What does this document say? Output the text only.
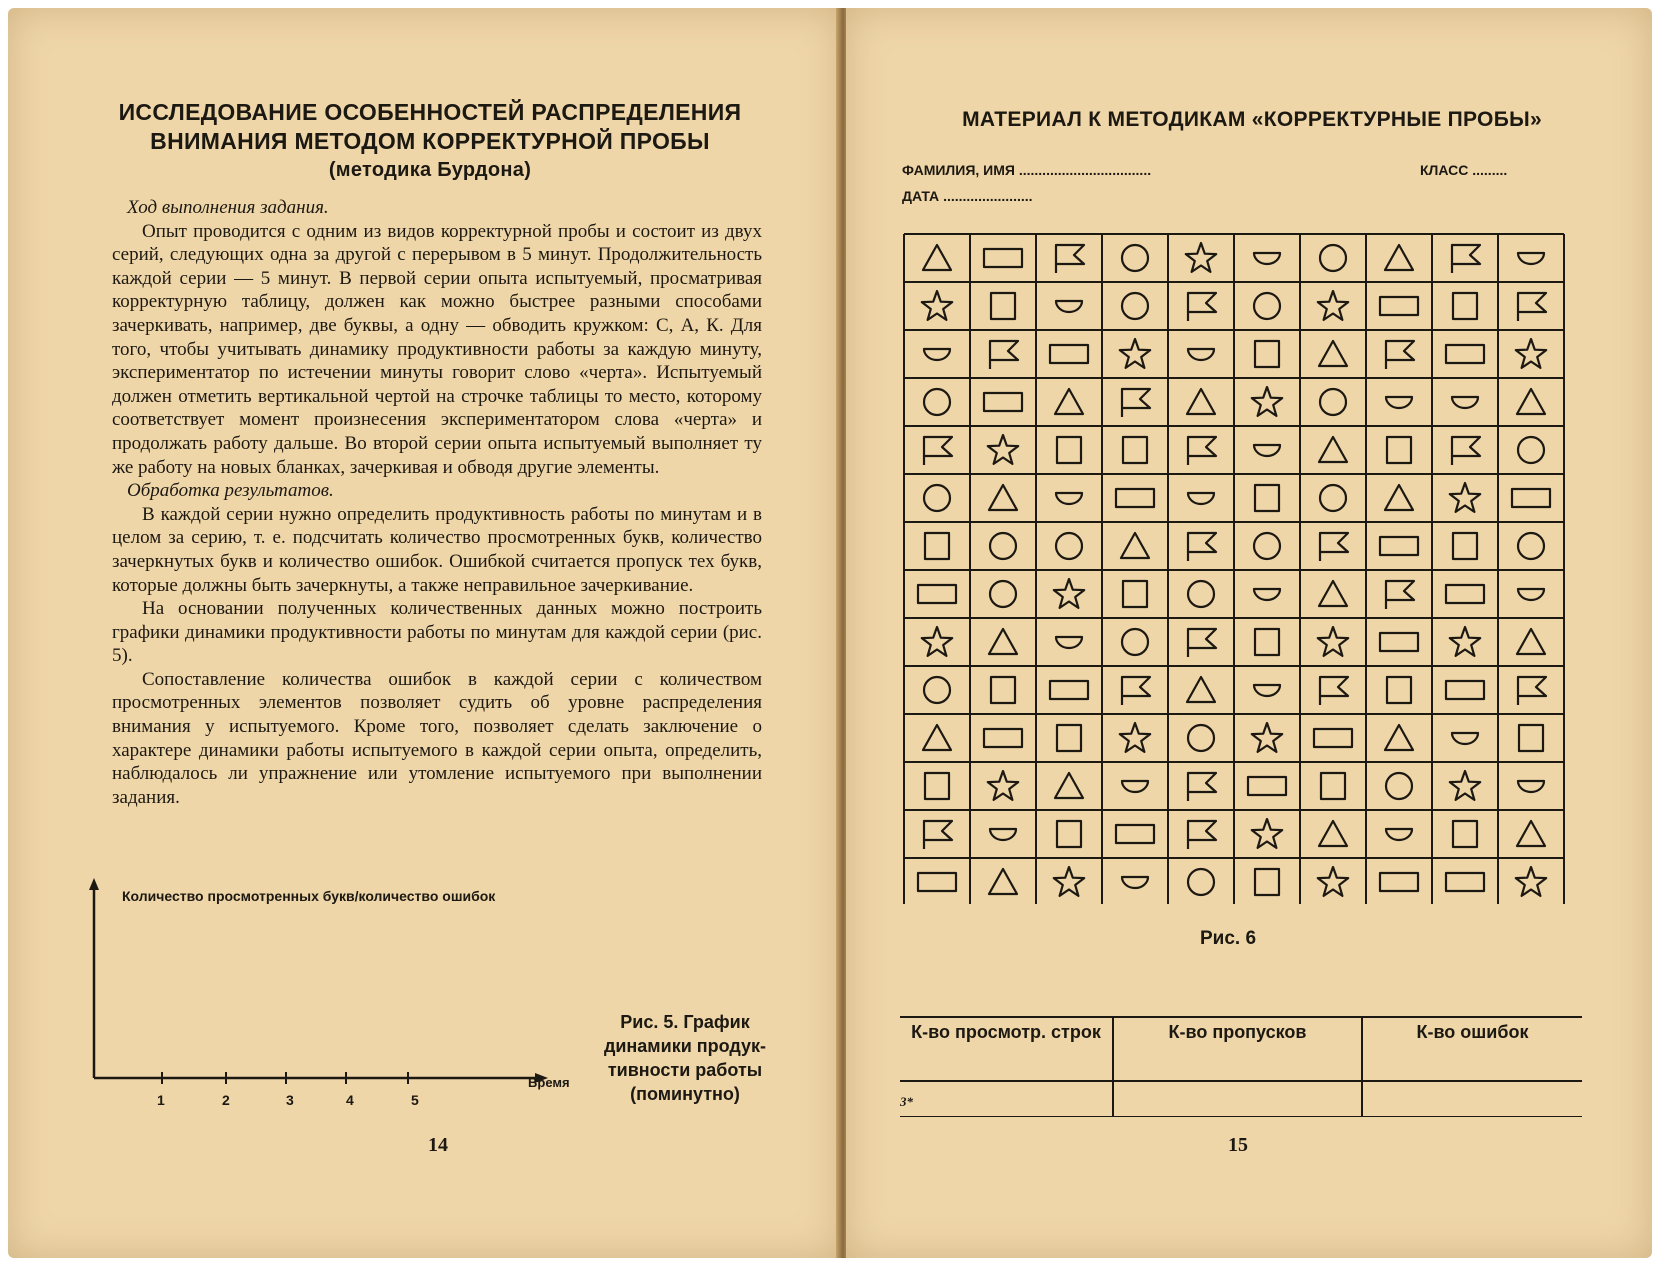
ИССЛЕДОВАНИЕ ОСОБЕННОСТЕЙ РАСПРЕДЕЛЕНИЯ
ВНИМАНИЯ МЕТОДОМ КОРРЕКТУРНОЙ ПРОБЫ
(методика Бурдона)

Ход выполнения задания.

Опыт проводится с одним из видов корректурной пробы и состоит из двух серий, следующих одна за другой с перерывом в 5 минут. Продолжительность каждой серии — 5 минут. В первой серии опыта испытуемый, просматривая корректурную таблицу, должен как можно быстрее разными способами зачеркивать, например, две буквы, а одну — обводить кружком: С, А, К. Для того, чтобы учитывать динамику продуктивности работы за каждую минуту, экспериментатор по истечении минуты говорит слово «черта». Испытуемый должен отметить вертикальной чертой на строчке таблицы то место, которому соответствует момент произнесения экспериментатором слова «черта» и продолжать работу дальше. Во второй серии опыта испытуемый выполняет ту же работу на новых бланках, зачеркивая и обводя другие элементы.

Обработка результатов.

В каждой серии нужно определить продуктивность работы по минутам и в целом за серию, т. е. подсчитать количество просмотренных букв, количество зачеркнутых букв и количество ошибок. Ошибкой считается пропуск тех букв, которые должны быть зачеркнуты, а также неправильное зачеркивание.

На основании полученных количественных данных можно построить графики динамики продуктивности работы по минутам для каждой серии (рис. 5).

Сопоставление количества ошибок в каждой серии с количеством просмотренных элементов позволяет судить об уровне распределения внимания у испытуемого. Кроме того, позволяет сделать заключение о характере динамики работы испытуемого в каждой серии опыта, определить, наблюдалось ли упражнение или утомление испытуемого при выполнении задания.

Количество просмотренных букв/количество ошибок
Время
1	2	3	4	5
Рис. 5. График
динамики продук-
тивности работы
(поминутно)
14
МАТЕРИАЛ К МЕТОДИКАМ «КОРРЕКТУРНЫЕ ПРОБЫ»
ФАМИЛИЯ, ИМЯ ..................................	КЛАСС .........
ДАТА .......................
Рис. 6
К-во просмотр. строк	К-во пропусков	К-во ошибок

3*
15
